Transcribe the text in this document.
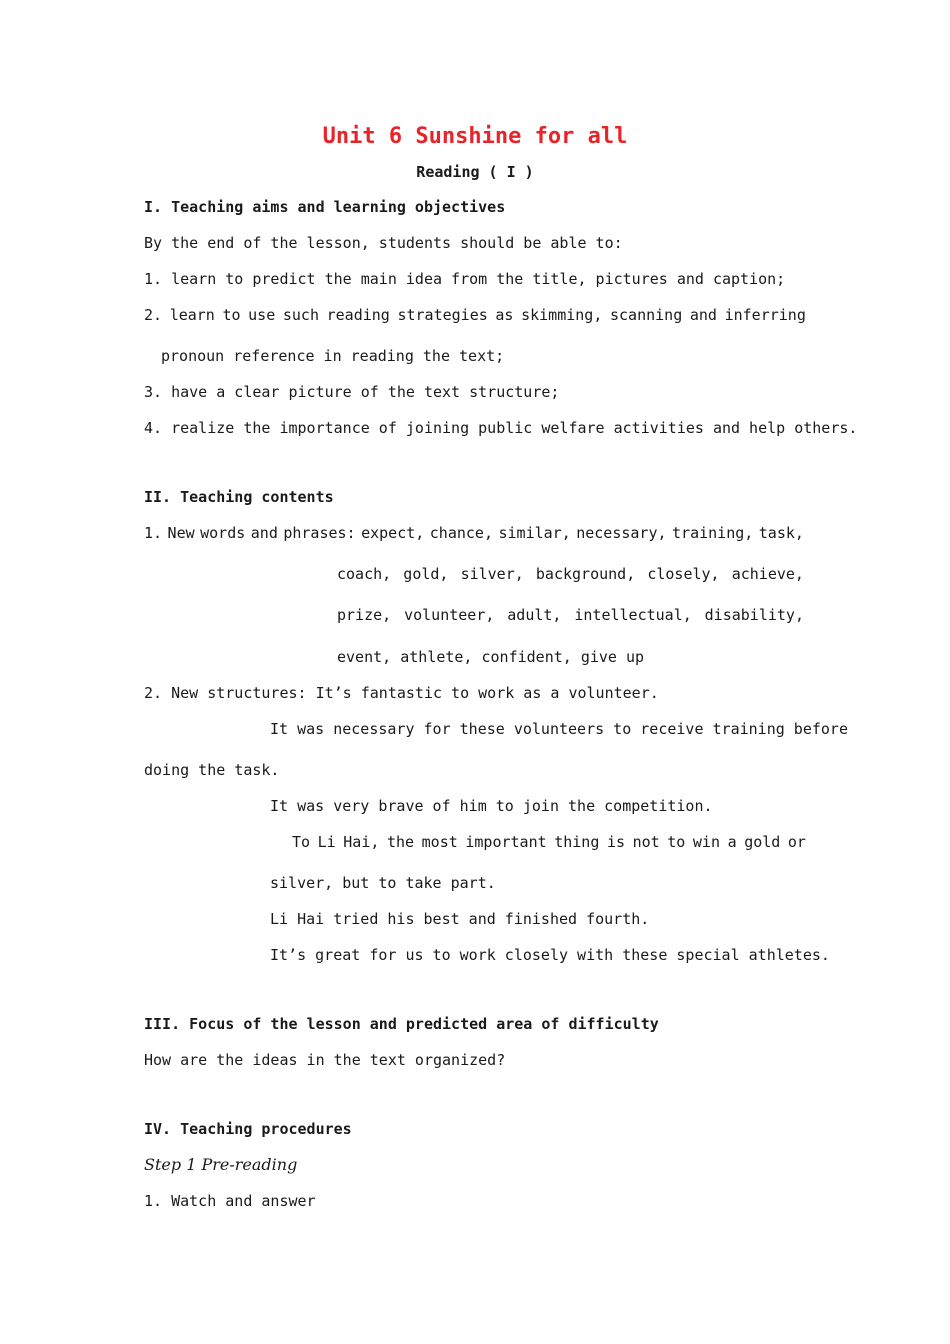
Unit 6 Sunshine for all
Reading ( I )
I. Teaching aims and learning objectives
By the end of the lesson, students should be able to:
1. learn to predict the main idea from the title, pictures and caption;
2. learn to use such reading strategies as skimming, scanning and inferring
pronoun reference in reading the text;
3. have a clear picture of the text structure;
4. realize the importance of joining public welfare activities and help others.
II. Teaching contents
1. New words and phrases: expect, chance, similar, necessary, training, task,
coach, gold, silver, background, closely, achieve,
prize, volunteer, adult, intellectual, disability,
event, athlete, confident, give up
2. New structures: It’s fantastic to work as a volunteer.
It was necessary for these volunteers to receive training before
doing the task.
It was very brave of him to join the competition.
To Li Hai, the most important thing is not to win a gold or
silver, but to take part.
Li Hai tried his best and finished fourth.
It’s great for us to work closely with these special athletes.
III. Focus of the lesson and predicted area of difficulty
How are the ideas in the text organized?
IV. Teaching procedures
Step 1 Pre-reading
1. Watch and answer
